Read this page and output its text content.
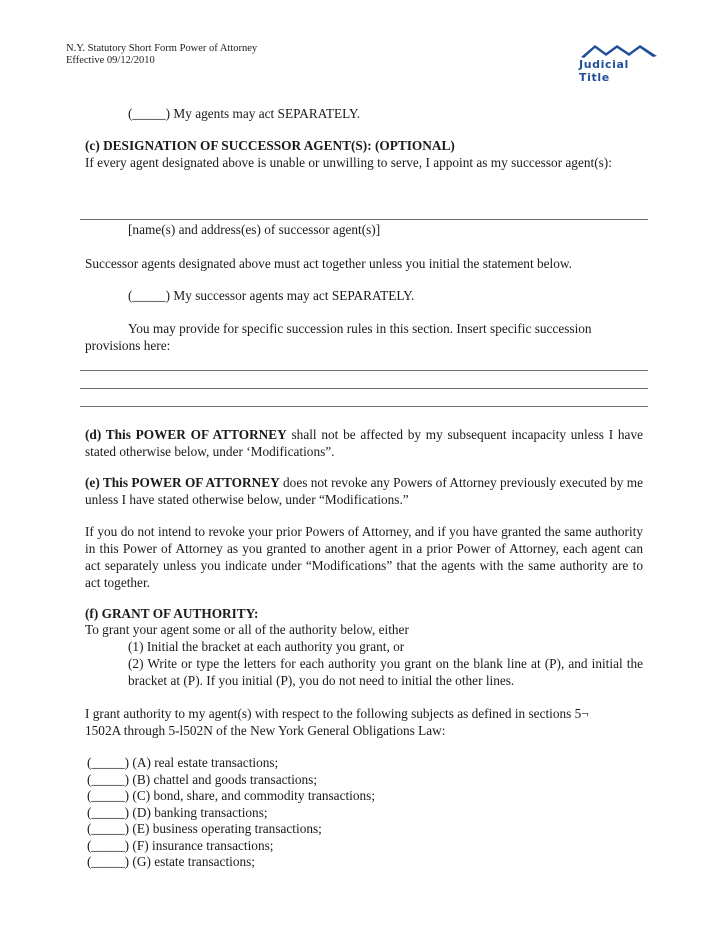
N.Y. Statutory Short Form Power of Attorney
Effective 09/12/2010	Judicial Title
(_____) My agents may act SEPARATELY.
(c) DESIGNATION OF SUCCESSOR AGENT(S): (OPTIONAL)
If every agent designated above is unable or unwilling to serve, I appoint as my successor agent(s):
[name(s) and address(es) of successor agent(s)]
Successor agents designated above must act together unless you initial the statement below.
(_____) My successor agents may act SEPARATELY.
You may provide for specific succession rules in this section. Insert specific succession provisions here:
(d) This POWER OF ATTORNEY shall not be affected by my subsequent incapacity unless I have stated otherwise below, under ‘Modifications”.
(e) This POWER OF ATTORNEY does not revoke any Powers of Attorney previously executed by me unless I have stated otherwise below, under “Modifications.”
If you do not intend to revoke your prior Powers of Attorney, and if you have granted the same authority in this Power of Attorney as you granted to another agent in a prior Power of Attorney, each agent can act separately unless you indicate under “Modifications” that the agents with the same authority are to act together.
(f) GRANT OF AUTHORITY:
To grant your agent some or all of the authority below, either
(1) Initial the bracket at each authority you grant, or
(2) Write or type the letters for each authority you grant on the blank line at (P), and initial the bracket at (P). If you initial (P), you do not need to initial the other lines.
I grant authority to my agent(s) with respect to the following subjects as defined in sections 5¬
1502A through 5-l502N of the New York General Obligations Law:
(_____) (A) real estate transactions;
(_____) (B) chattel and goods transactions;
(_____) (C) bond, share, and commodity transactions;
(_____) (D) banking transactions;
(_____) (E) business operating transactions;
(_____) (F) insurance transactions;
(_____) (G) estate transactions;
